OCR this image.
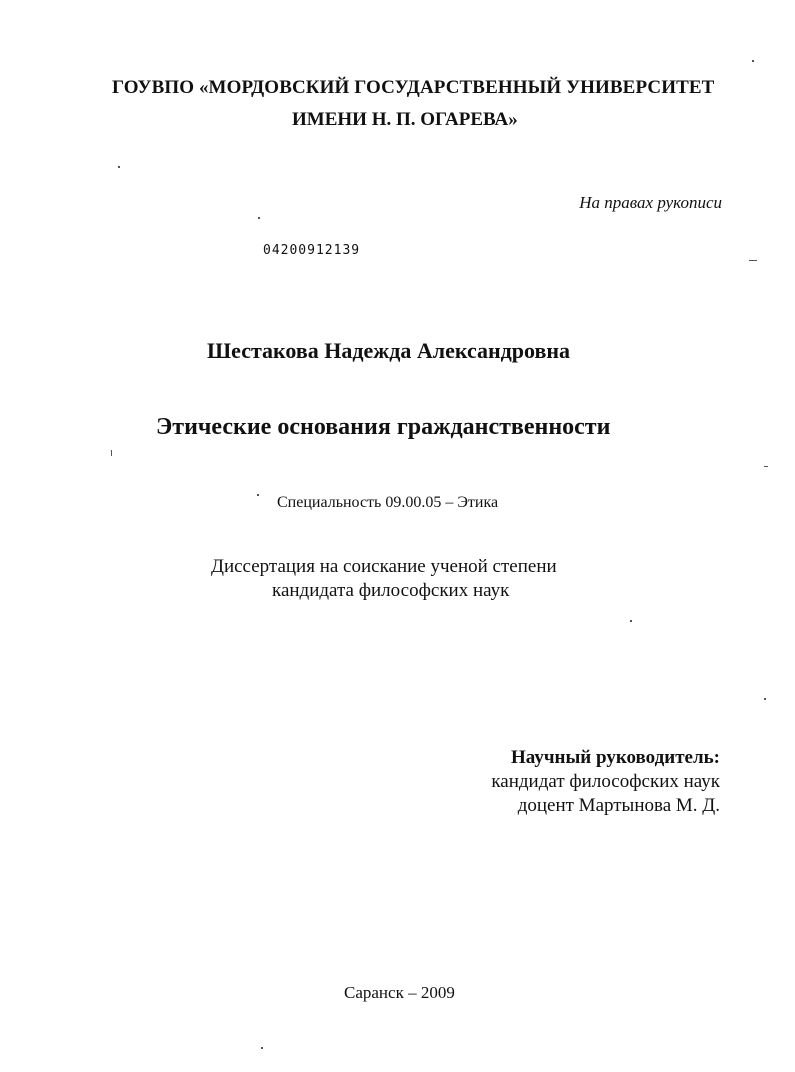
ГОУВПО «МОРДОВСКИЙ ГОСУДАРСТВЕННЫЙ УНИВЕРСИТЕТ
ИМЕНИ Н. П. ОГАРЕВА»
На правах рукописи
04200912139
Шестакова Надежда Александровна
Этические основания гражданственности
Специальность 09.00.05 – Этика
Диссертация на соискание ученой степени
кандидата философских наук
Научный руководитель:
кандидат философских наук
доцент Мартынова М. Д.
Саранск – 2009
